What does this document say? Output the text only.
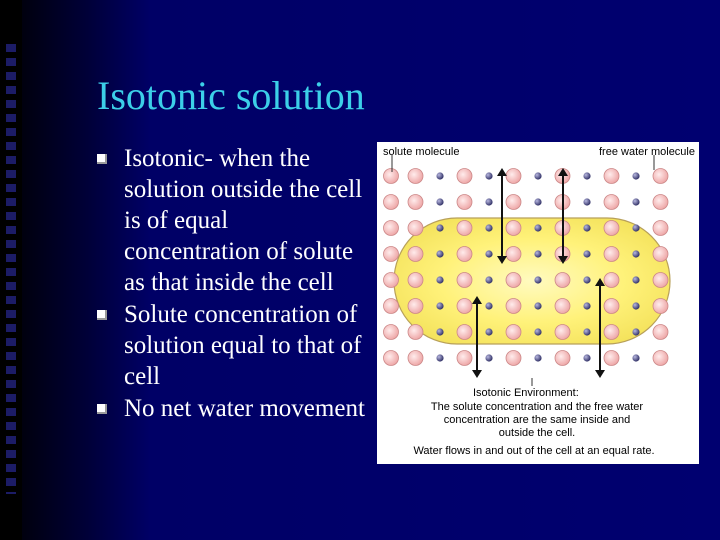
Isotonic solution
Isotonic- when the solution outside the cell is of equal concentration of solute as that inside the cell
Solute concentration of solution equal to that of cell
No net water movement
solute molecule	free water molecule
Isotonic Environment:
The solute concentration and the free water
concentration are the same inside and
outside the cell.
Water flows in and out of the cell at an equal rate.
